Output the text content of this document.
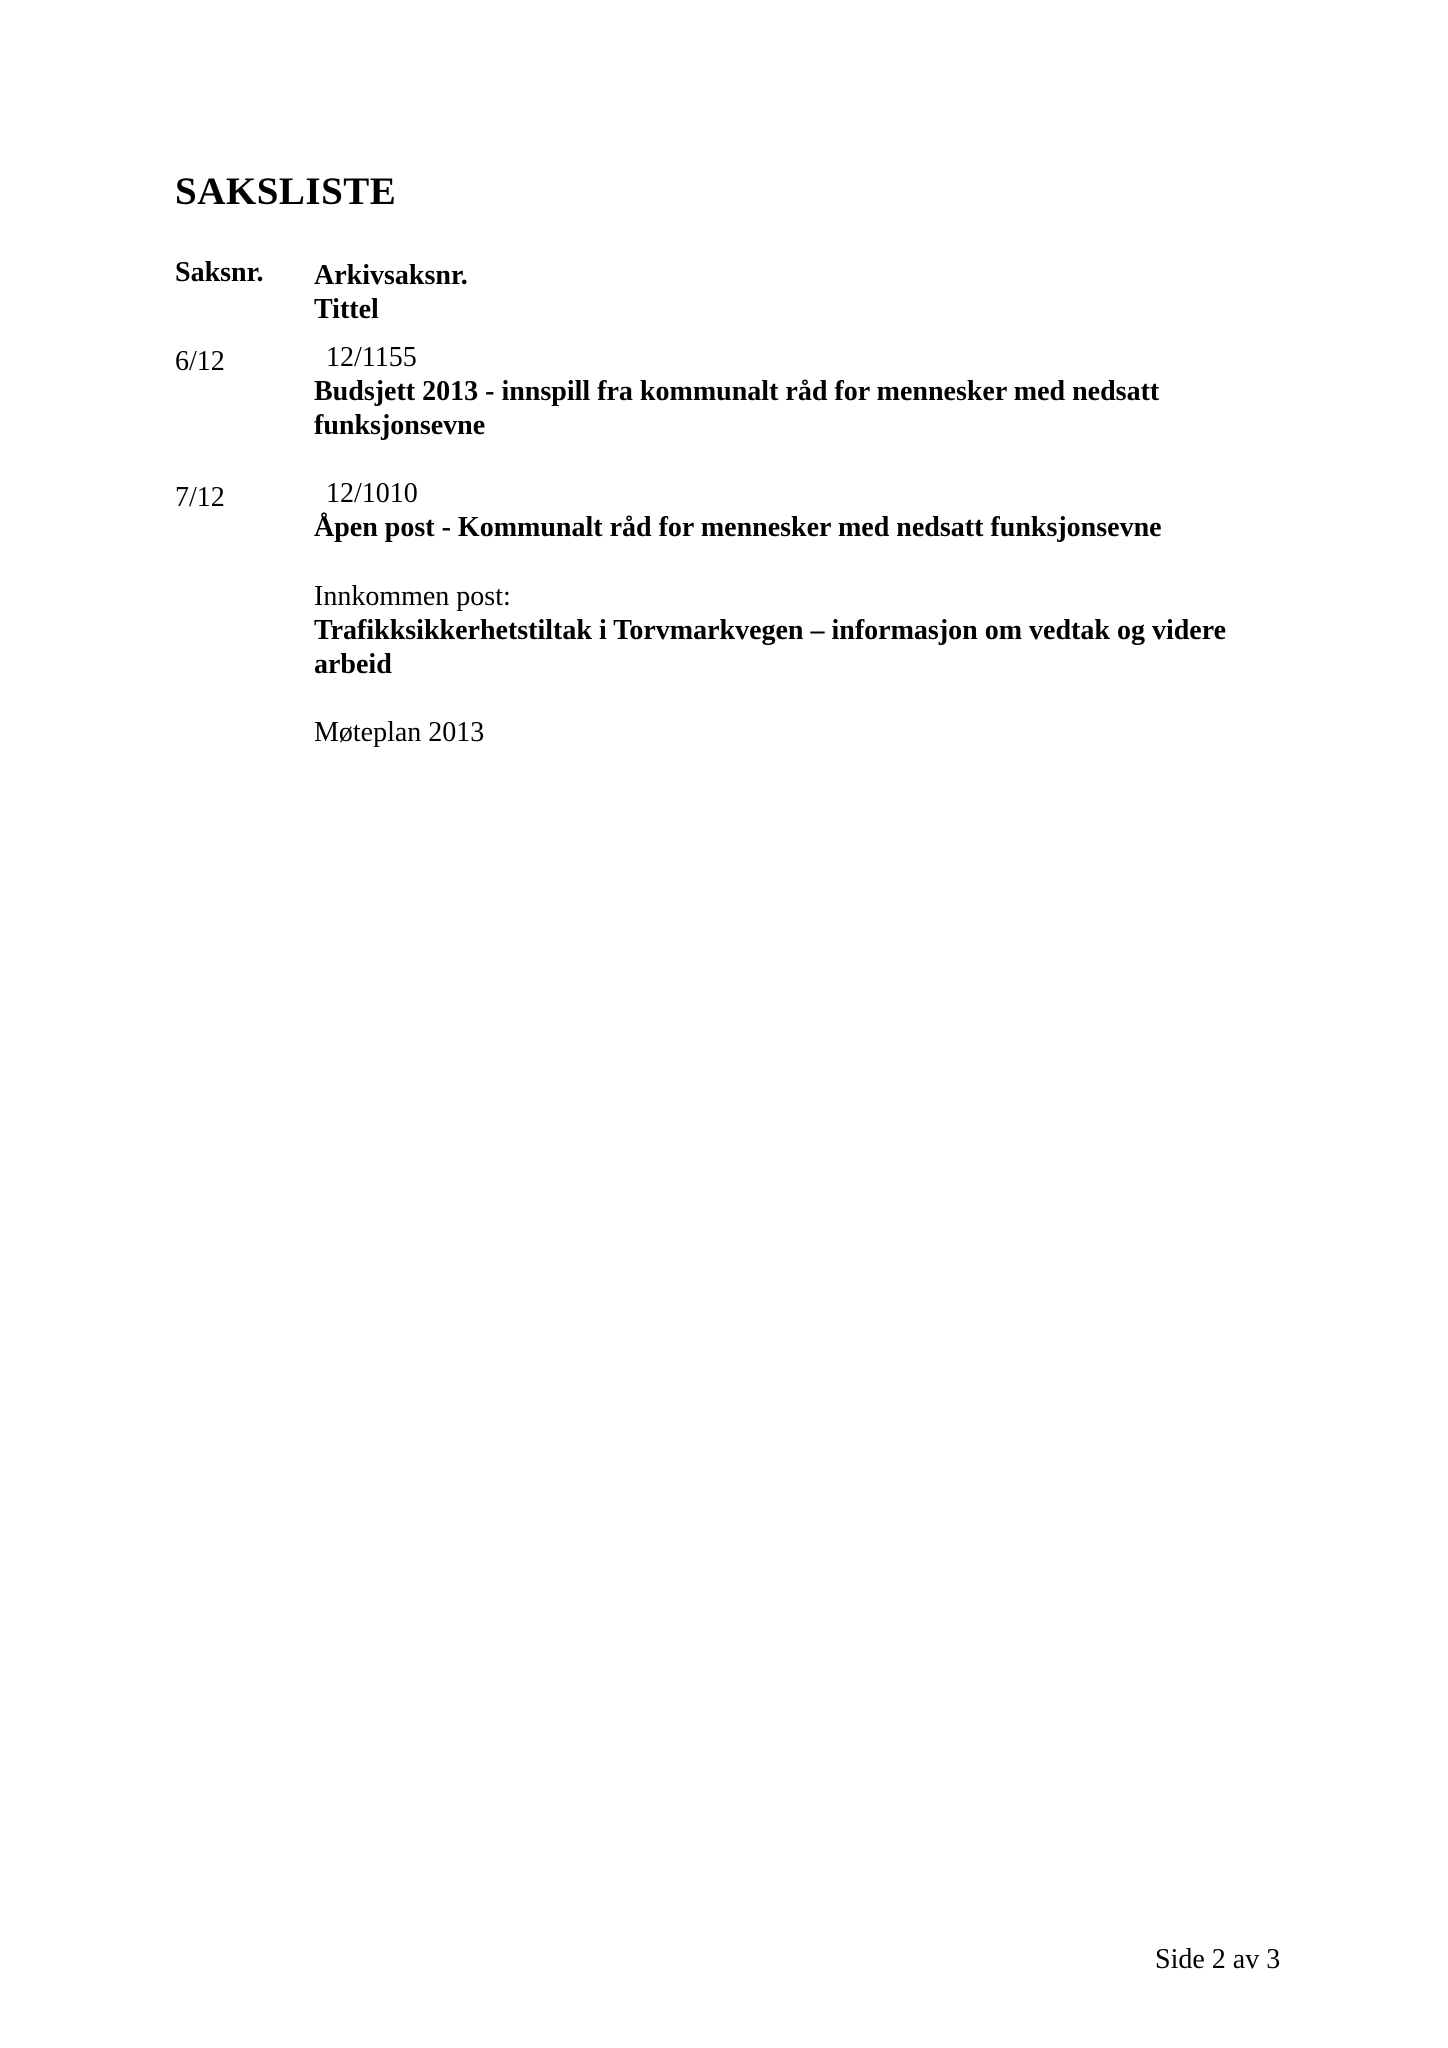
SAKSLISTE
Saksnr. Arkivsaksnr.
Tittel
6/12	12/1155
Budsjett 2013 - innspill fra kommunalt råd for mennesker med nedsatt
funksjonsevne
7/12	12/1010
Åpen post - Kommunalt råd for mennesker med nedsatt funksjonsevne
Innkommen post:
Trafikksikkerhetstiltak i Torvmarkvegen – informasjon om vedtak og videre
arbeid
Møteplan 2013
Side 2 av 3
